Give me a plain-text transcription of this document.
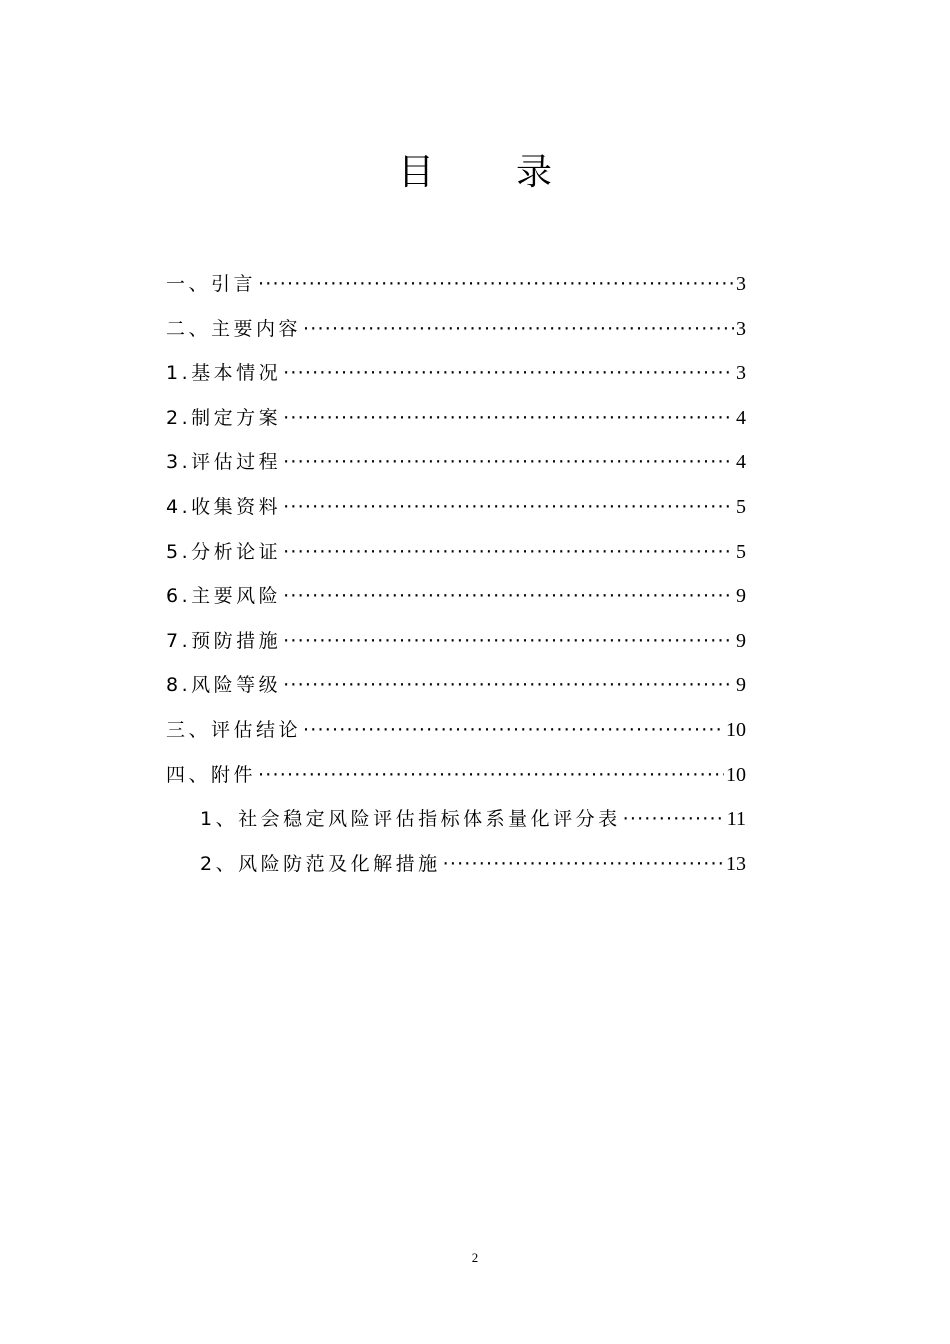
目录
一、引言 ·····	3
二、主要内容 ·····	3
1.基本情况 ·····	3
2.制定方案 ·····	4
3.评估过程 ·····	4
4.收集资料 ·····	5
5.分析论证 ·····	5
6.主要风险 ·····	9
7.预防措施 ·····	9
8.风险等级 ·····	9
三、评估结论 ·····	10
四、附件 ·····	10
1、社会稳定风险评估指标体系量化评分表 ·····	11
2、风险防范及化解措施 ·····	13
2
